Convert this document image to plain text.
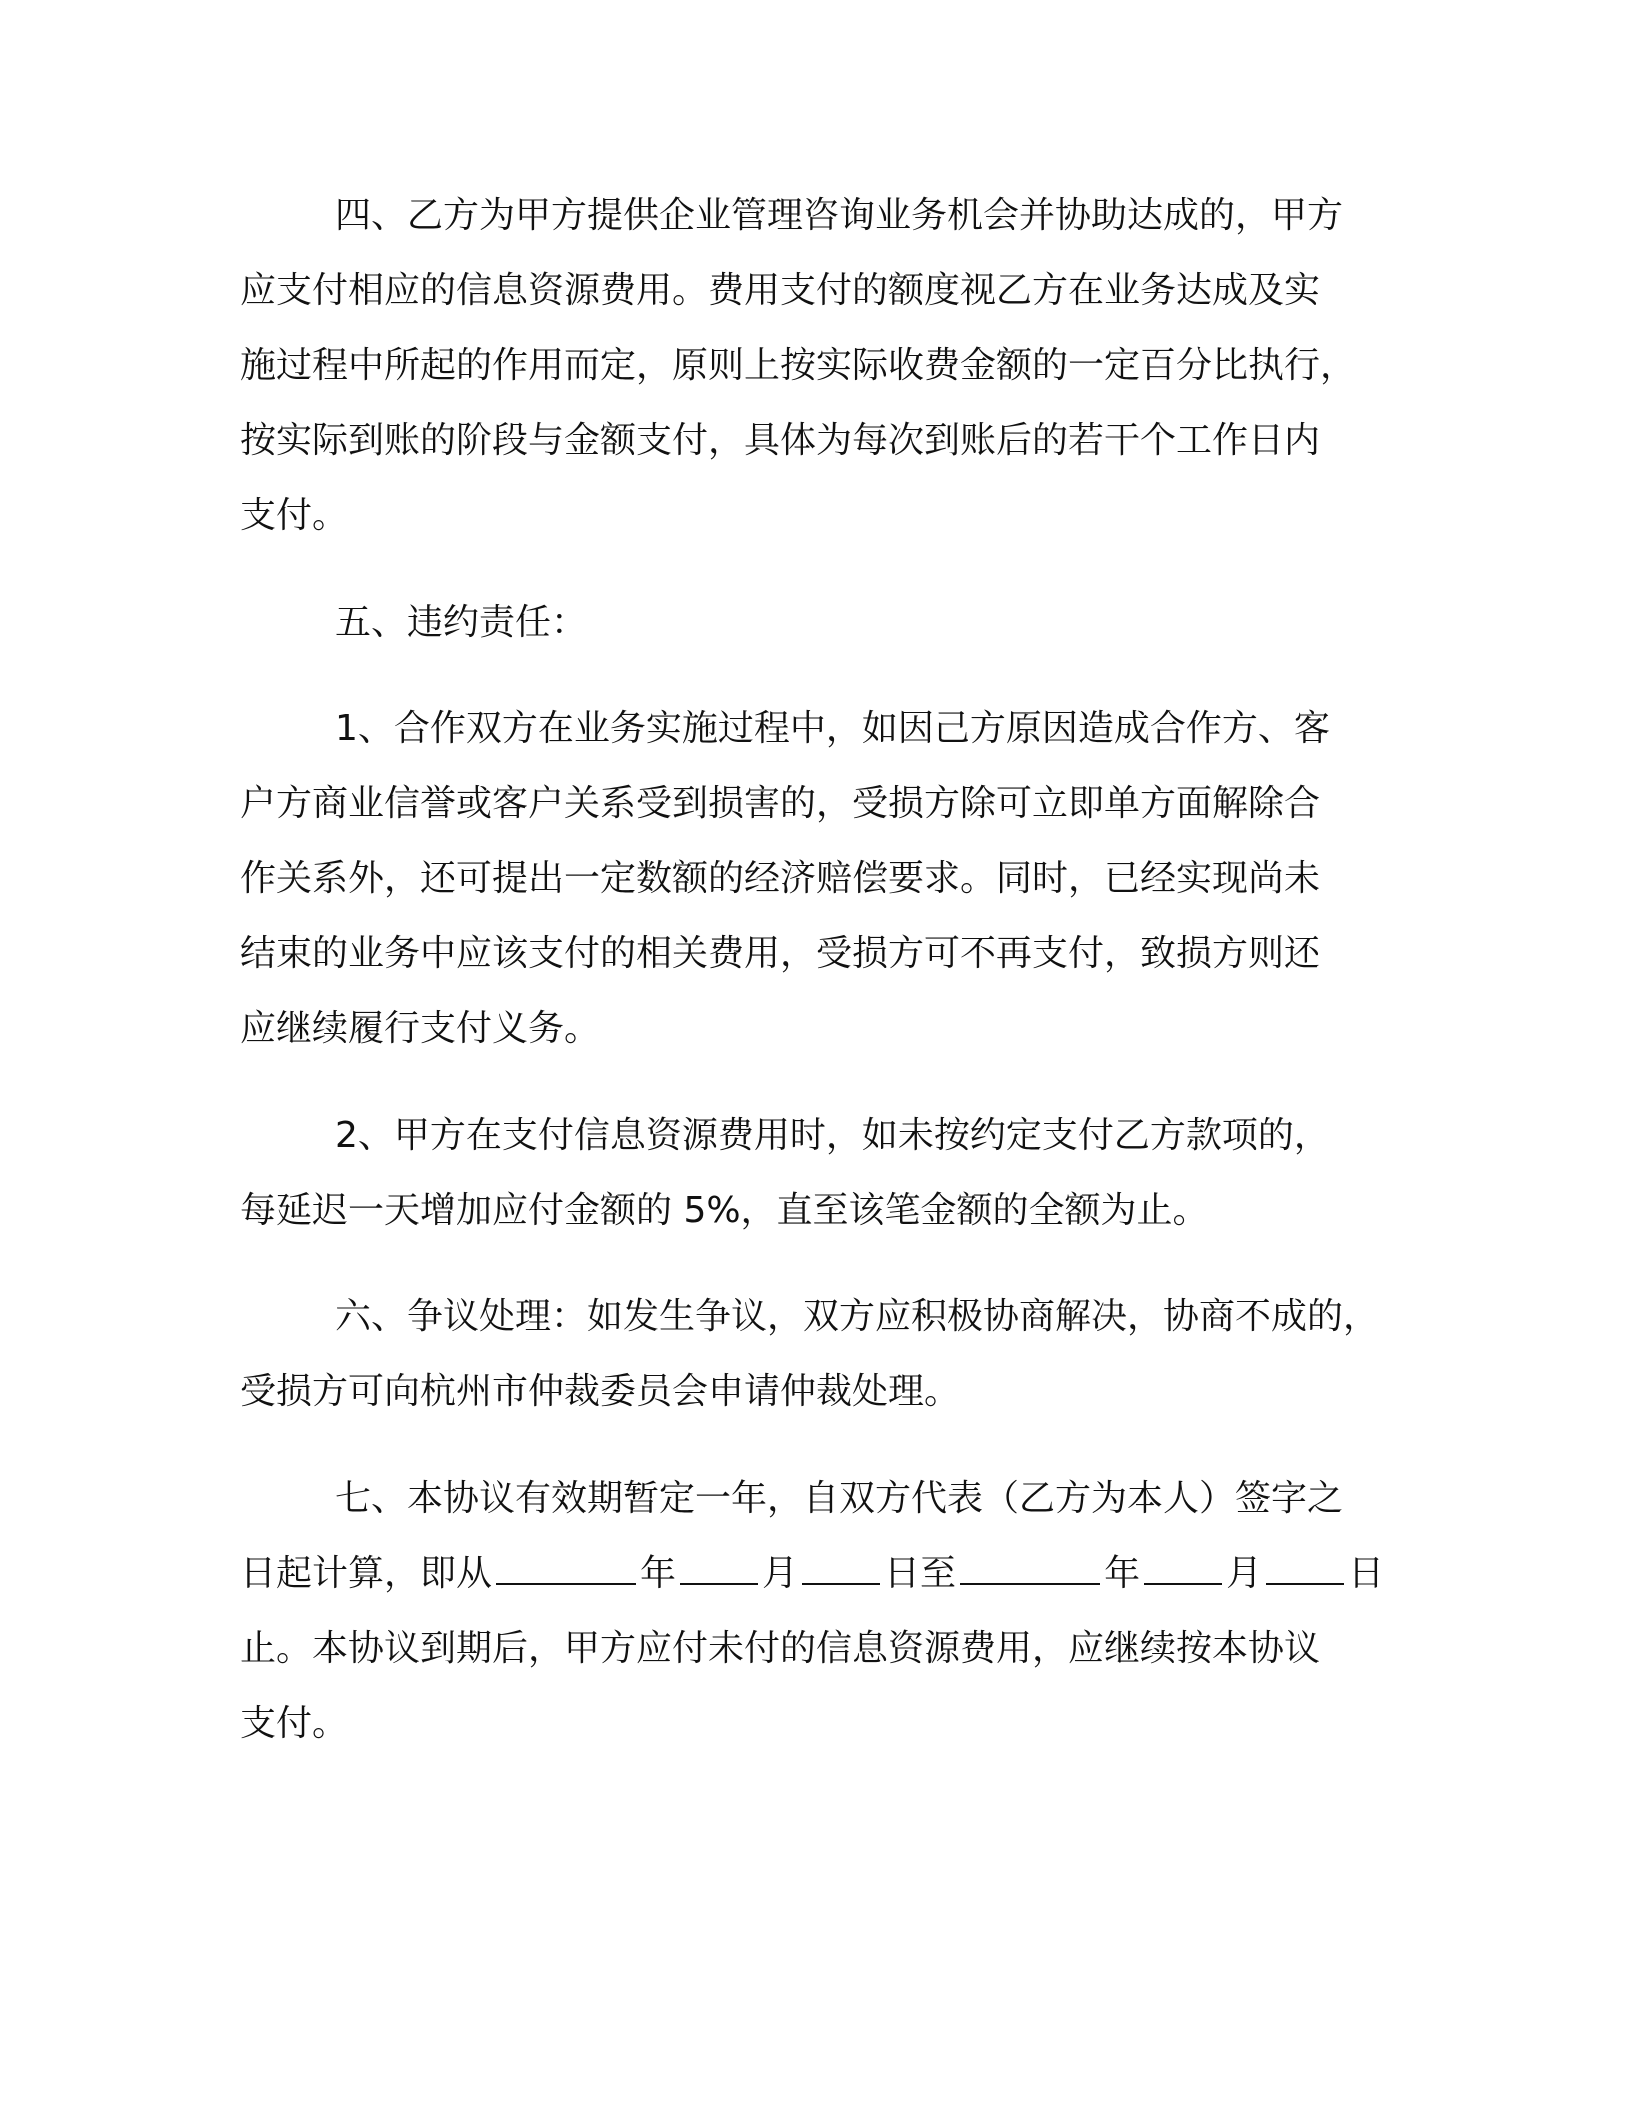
四、乙方为甲方提供企业管理咨询业务机会并协助达成的，甲方
应支付相应的信息资源费用。费用支付的额度视乙方在业务达成及实
施过程中所起的作用而定，原则上按实际收费金额的一定百分比执行，
按实际到账的阶段与金额支付，具体为每次到账后的若干个工作日内
支付。
五、违约责任：
1、合作双方在业务实施过程中，如因己方原因造成合作方、客
户方商业信誉或客户关系受到损害的，受损方除可立即单方面解除合
作关系外，还可提出一定数额的经济赔偿要求。同时，已经实现尚未
结束的业务中应该支付的相关费用，受损方可不再支付，致损方则还
应继续履行支付义务。
2、甲方在支付信息资源费用时，如未按约定支付乙方款项的，
每延迟一天增加应付金额的 5%，直至该笔金额的全额为止。
六、争议处理：如发生争议，双方应积极协商解决，协商不成的，
受损方可向杭州市仲裁委员会申请仲裁处理。
七、本协议有效期暂定一年，自双方代表（乙方为本人）签字之
日起计算，即从	年 月 日至	年 月 日
止。本协议到期后，甲方应付未付的信息资源费用，应继续按本协议
支付。
